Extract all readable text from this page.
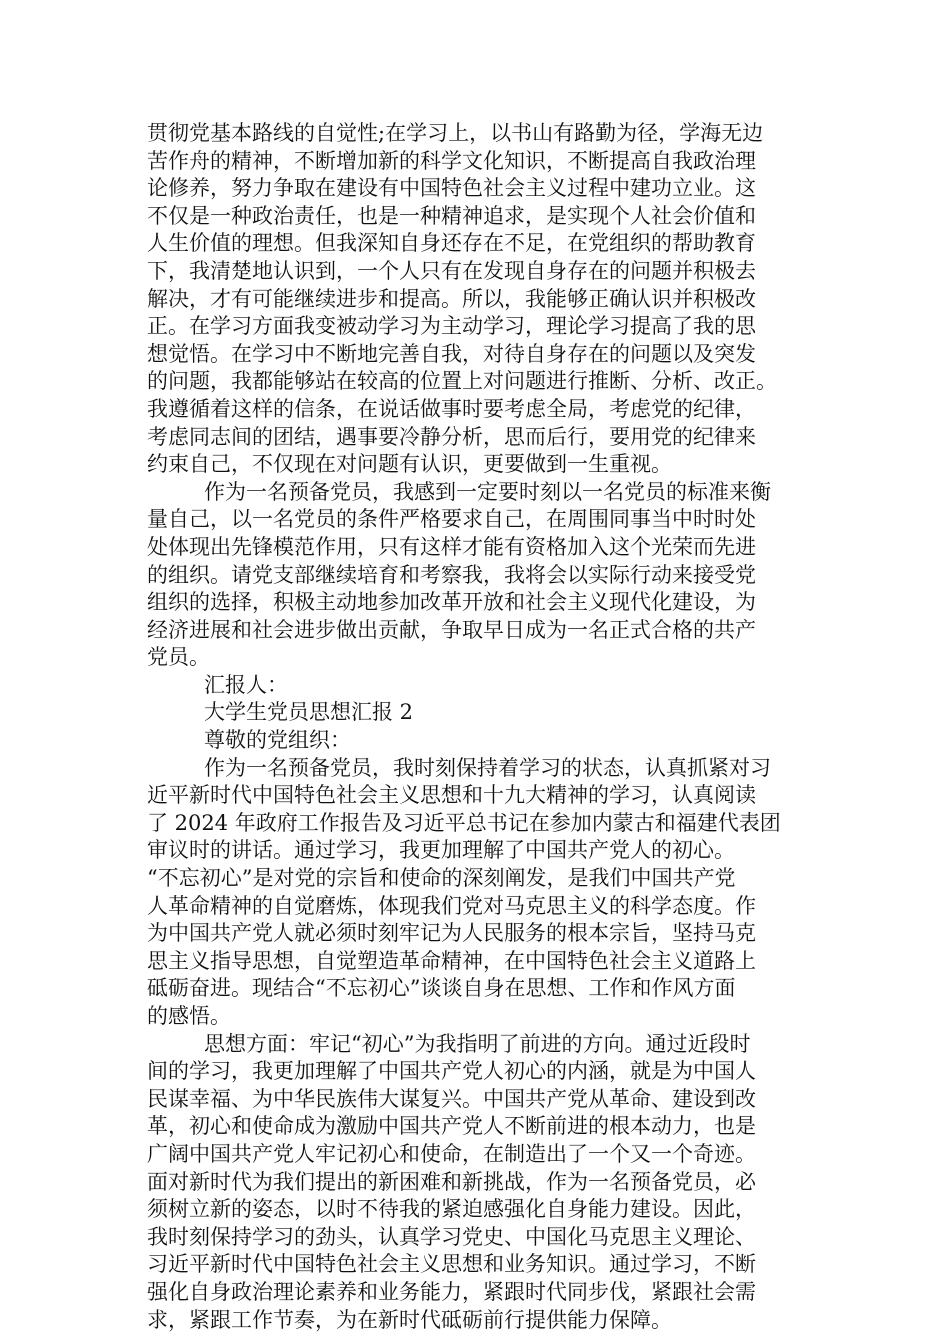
贯彻党基本路线的自觉性;在学习上，以书山有路勤为径，学海无边
苦作舟的精神，不断增加新的科学文化知识，不断提高自我政治理
论修养，努力争取在建设有中国特色社会主义过程中建功立业。这
不仅是一种政治责任，也是一种精神追求，是实现个人社会价值和
人生价值的理想。但我深知自身还存在不足，在党组织的帮助教育
下，我清楚地认识到，一个人只有在发现自身存在的问题并积极去
解决，才有可能继续进步和提高。所以，我能够正确认识并积极改
正。在学习方面我变被动学习为主动学习，理论学习提高了我的思
想觉悟。在学习中不断地完善自我，对待自身存在的问题以及突发
的问题，我都能够站在较高的位置上对问题进行推断、分析、改正。
我遵循着这样的信条，在说话做事时要考虑全局，考虑党的纪律，
考虑同志间的团结，遇事要冷静分析，思而后行，要用党的纪律来
约束自己，不仅现在对问题有认识，更要做到一生重视。
作为一名预备党员，我感到一定要时刻以一名党员的标准来衡
量自己，以一名党员的条件严格要求自己，在周围同事当中时时处
处体现出先锋模范作用，只有这样才能有资格加入这个光荣而先进
的组织。请党支部继续培育和考察我，我将会以实际行动来接受党
组织的选择，积极主动地参加改革开放和社会主义现代化建设，为
经济进展和社会进步做出贡献，争取早日成为一名正式合格的共产
党员。
汇报人：
大学生党员思想汇报 2
尊敬的党组织：
作为一名预备党员，我时刻保持着学习的状态，认真抓紧对习
近平新时代中国特色社会主义思想和十九大精神的学习，认真阅读
了 2024 年政府工作报告及习近平总书记在参加内蒙古和福建代表团
审议时的讲话。通过学习，我更加理解了中国共产党人的初心。
“不忘初心”是对党的宗旨和使命的深刻阐发，是我们中国共产党
人革命精神的自觉磨炼，体现我们党对马克思主义的科学态度。作
为中国共产党人就必须时刻牢记为人民服务的根本宗旨，坚持马克
思主义指导思想，自觉塑造革命精神，在中国特色社会主义道路上
砥砺奋进。现结合“不忘初心”谈谈自身在思想、工作和作风方面
的感悟。
思想方面：牢记“初心”为我指明了前进的方向。通过近段时
间的学习，我更加理解了中国共产党人初心的内涵，就是为中国人
民谋幸福、为中华民族伟大谋复兴。中国共产党从革命、建设到改
革，初心和使命成为激励中国共产党人不断前进的根本动力，也是
广阔中国共产党人牢记初心和使命，在制造出了一个又一个奇迹。
面对新时代为我们提出的新困难和新挑战，作为一名预备党员，必
须树立新的姿态，以时不待我的紧迫感强化自身能力建设。因此，
我时刻保持学习的劲头，认真学习党史、中国化马克思主义理论、
习近平新时代中国特色社会主义思想和业务知识。通过学习，不断
强化自身政治理论素养和业务能力，紧跟时代同步伐，紧跟社会需
求，紧跟工作节奏，为在新时代砥砺前行提供能力保障。
